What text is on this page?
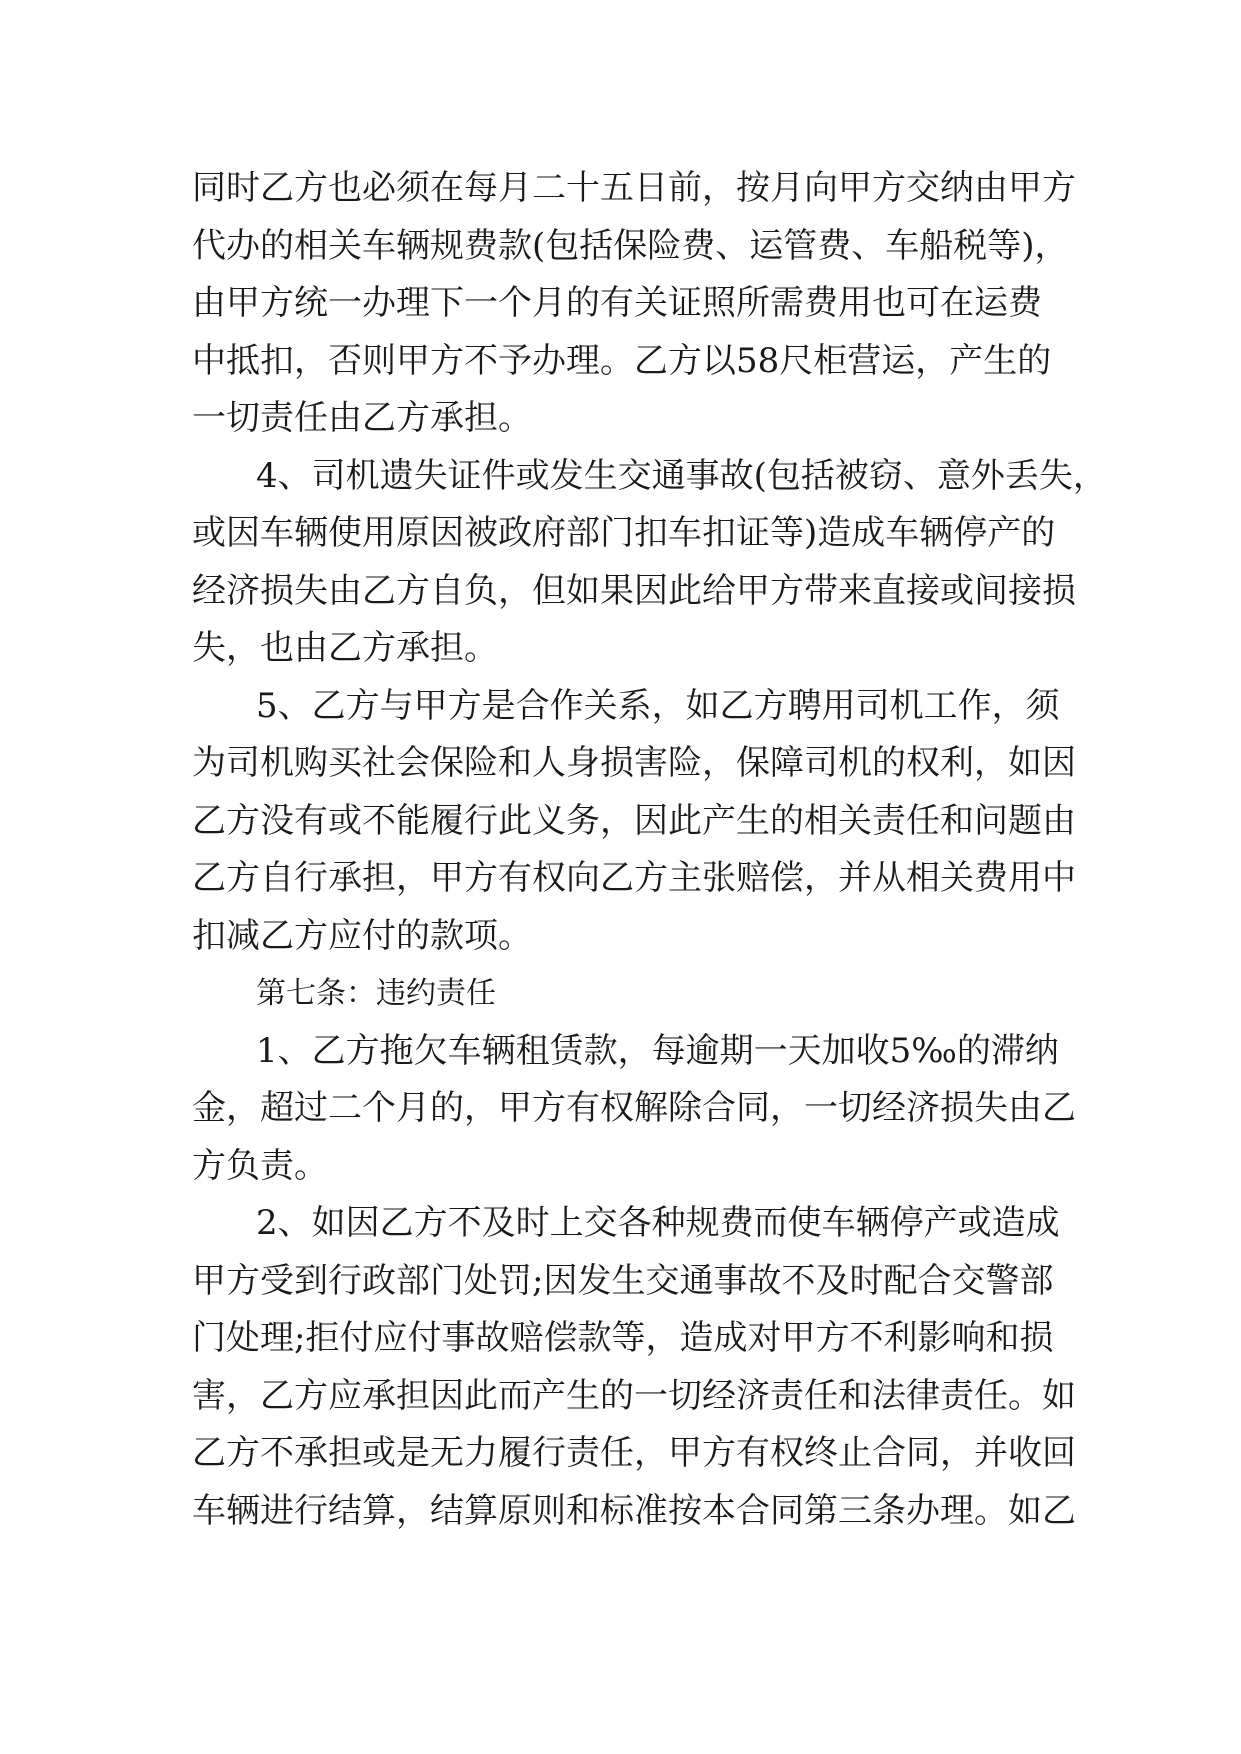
同时乙方也必须在每月二十五日前，按月向甲方交纳由甲方
代办的相关车辆规费款(包括保险费、运管费、车船税等)，
由甲方统一办理下一个月的有关证照所需费用也可在运费
中抵扣，否则甲方不予办理。乙方以58尺柜营运，产生的
一切责任由乙方承担。
4、司机遗失证件或发生交通事故(包括被窃、意外丢失，
或因车辆使用原因被政府部门扣车扣证等)造成车辆停产的
经济损失由乙方自负，但如果因此给甲方带来直接或间接损
失，也由乙方承担。
5、乙方与甲方是合作关系，如乙方聘用司机工作，须
为司机购买社会保险和人身损害险，保障司机的权利，如因
乙方没有或不能履行此义务，因此产生的相关责任和问题由
乙方自行承担，甲方有权向乙方主张赔偿，并从相关费用中
扣减乙方应付的款项。
第七条：违约责任
1、乙方拖欠车辆租赁款，每逾期一天加收5‰的滞纳
金，超过二个月的，甲方有权解除合同，一切经济损失由乙
方负责。
2、如因乙方不及时上交各种规费而使车辆停产或造成
甲方受到行政部门处罚;因发生交通事故不及时配合交警部
门处理;拒付应付事故赔偿款等，造成对甲方不利影响和损
害，乙方应承担因此而产生的一切经济责任和法律责任。如
乙方不承担或是无力履行责任，甲方有权终止合同，并收回
车辆进行结算，结算原则和标准按本合同第三条办理。如乙
